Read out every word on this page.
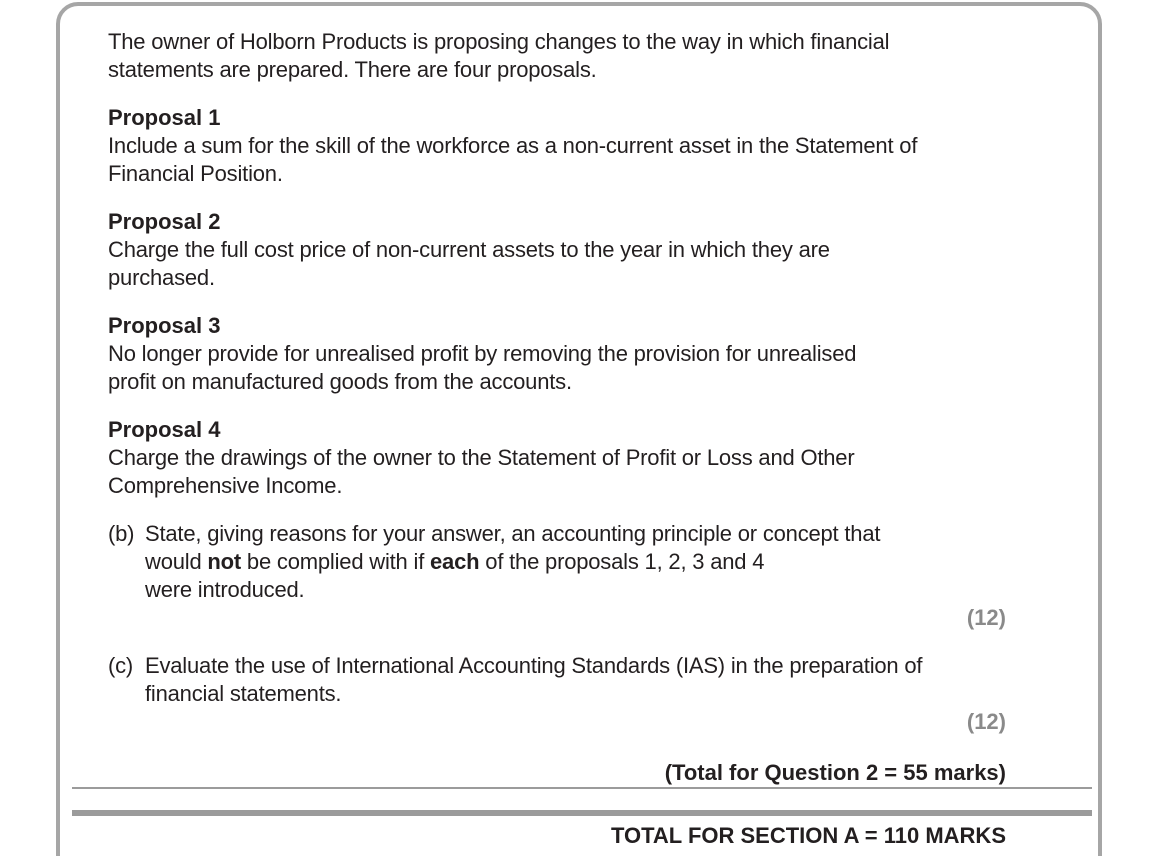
The owner of Holborn Products is proposing changes to the way in which financial
statements are prepared. There are four proposals.
Proposal 1
Include a sum for the skill of the workforce as a non-current asset in the Statement of
Financial Position.
Proposal 2
Charge the full cost price of non-current assets to the year in which they are
purchased.
Proposal 3
No longer provide for unrealised profit by removing the provision for unrealised
profit on manufactured goods from the accounts.
Proposal 4
Charge the drawings of the owner to the Statement of Profit or Loss and Other
Comprehensive Income.
(b) State, giving reasons for your answer, an accounting principle or concept that
would not be complied with if each of the proposals 1, 2, 3 and 4
were introduced.
(12)
(c) Evaluate the use of International Accounting Standards (IAS) in the preparation of
financial statements.
(12)
(Total for Question 2 = 55 marks)
TOTAL FOR SECTION A = 110 MARKS
